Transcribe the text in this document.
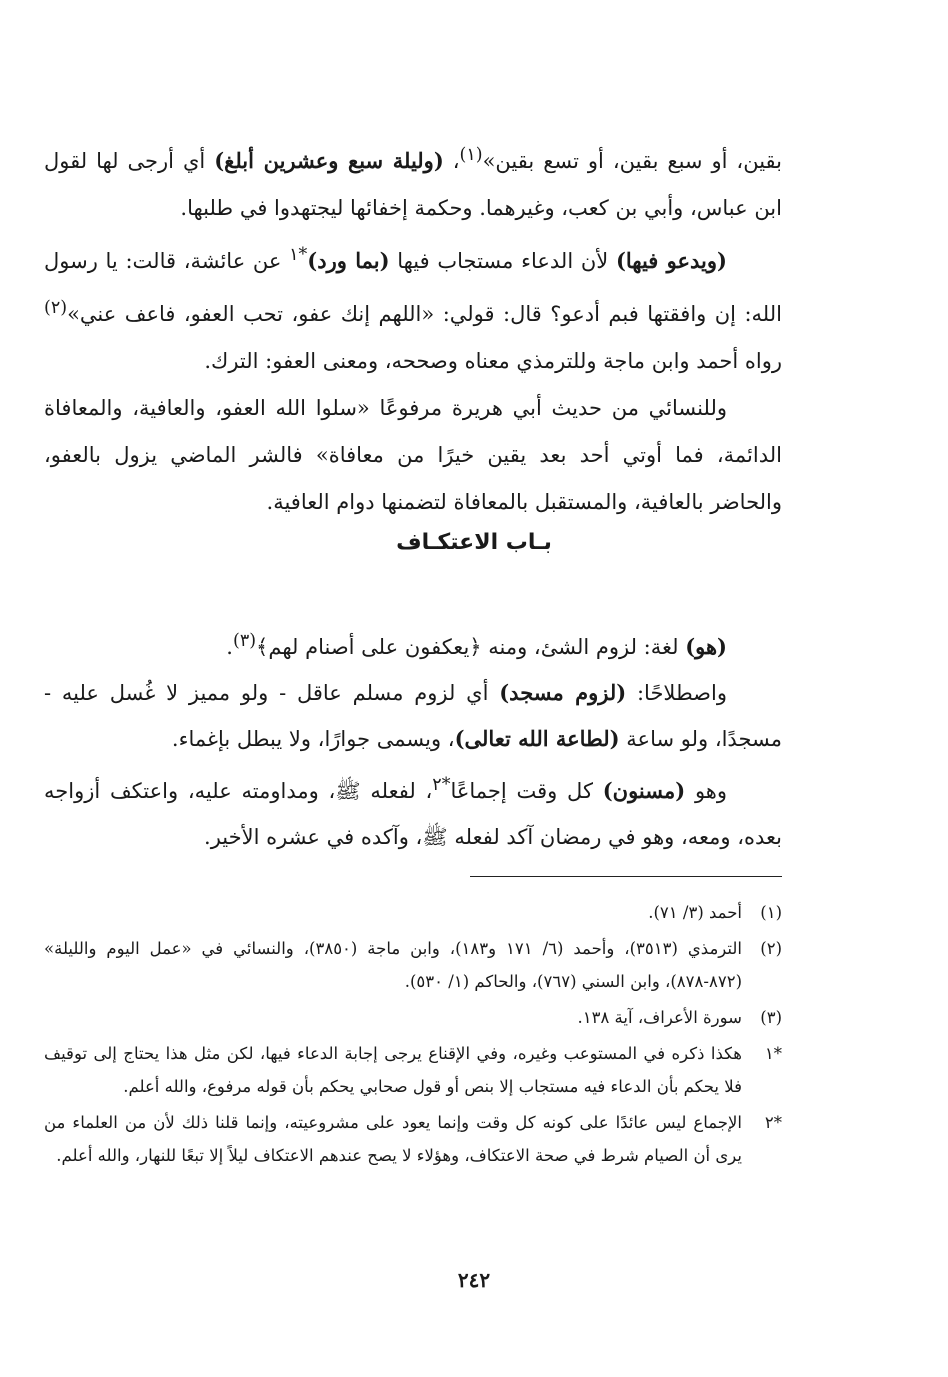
بقين، أو سبع بقين، أو تسع بقين»$^{(١)}$، (وليلة سبع وعشرين أبلغ) أي أرجى لها لقول ابن عباس، وأبي بن كعب، وغيرهما. وحكمة إخفائها ليجتهدوا في طلبها.

(ويدعو فيها) لأن الدعاء مستجاب فيها (بما ورد)$^{*١}$ عن عائشة، قالت: يا رسول الله: إن وافقتها فبم أدعو؟ قال: قولي: «اللهم إنك عفو، تحب العفو، فاعف عني»$^{(٢)}$ رواه أحمد وابن ماجة وللترمذي معناه وصححه، ومعنى العفو: الترك.

وللنسائي من حديث أبي هريرة مرفوعًا «سلوا الله العفو، والعافية، والمعافاة الدائمة، فما أوتي أحد بعد يقين خيرًا من معافاة» فالشر الماضي يزول بالعفو، والحاضر بالعافية، والمستقبل بالمعافاة لتضمنها دوام العافية.

بـاب الاعتكـاف

(هو) لغة: لزوم الشئ، ومنه ﴿يعكفون على أصنام لهم﴾$^{(٣)}$.

واصطلاحًا: (لزوم مسجد) أي لزوم مسلم عاقل - ولو مميز لا غُسل عليه - مسجدًا، ولو ساعة (لطاعة الله تعالى)، ويسمى جوارًا، ولا يبطل بإغماء.

وهو (مسنون) كل وقت إجماعًا$^{*٢}$، لفعله ﷺ، ومداومته عليه، واعتكف أزواجه بعده، ومعه، وهو في رمضان آكد لفعله ﷺ، وآكده في عشره الأخير.

(١)
أحمد (٣/ ٧١).
(٢)
الترمذي (٣٥١٣)، وأحمد (٦/ ١٧١ و١٨٣)، وابن ماجة (٣٨٥٠)، والنسائي في «عمل اليوم والليلة» (٨٧٢-٨٧٨)، وابن السني (٧٦٧)، والحاكم (١/ ٥٣٠).
(٣)
سورة الأعراف، آية ١٣٨.
*١
هكذا ذكره في المستوعب وغيره، وفي الإقناع يرجى إجابة الدعاء فيها، لكن مثل هذا يحتاج إلى توقيف فلا يحكم بأن الدعاء فيه مستجاب إلا بنص أو قول صحابي يحكم بأن قوله مرفوع، والله أعلم.
*٢
الإجماع ليس عائدًا على كونه كل وقت وإنما يعود على مشروعيته، وإنما قلنا ذلك لأن من العلماء من يرى أن الصيام شرط في صحة الاعتكاف، وهؤلاء لا يصح عندهم الاعتكاف ليلاً إلا تبعًا للنهار، والله أعلم.
٢٤٢
